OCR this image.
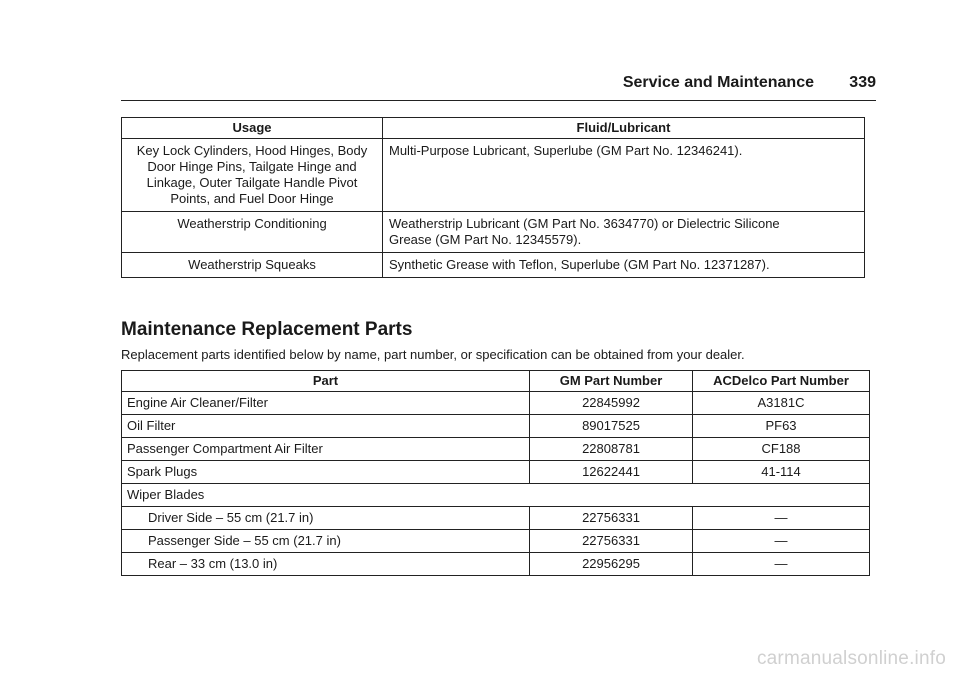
Service and Maintenance 339
Usage	Fluid/Lubricant
Key Lock Cylinders, Hood Hinges, Body Door Hinge Pins, Tailgate Hinge and Linkage, Outer Tailgate Handle Pivot Points, and Fuel Door Hinge	Multi-Purpose Lubricant, Superlube (GM Part No. 12346241).
Weatherstrip Conditioning	Weatherstrip Lubricant (GM Part No. 3634770) or Dielectric Silicone Grease (GM Part No. 12345579).
Weatherstrip Squeaks	Synthetic Grease with Teflon, Superlube (GM Part No. 12371287).
Maintenance Replacement Parts
Replacement parts identified below by name, part number, or specification can be obtained from your dealer.
Part	GM Part Number	ACDelco Part Number
Engine Air Cleaner/Filter	22845992	A3181C
Oil Filter	89017525	PF63
Passenger Compartment Air Filter	22808781	CF188
Spark Plugs	12622441	41-114
Wiper Blades		
Driver Side – 55 cm (21.7 in)	22756331	—
Passenger Side – 55 cm (21.7 in)	22756331	—
Rear – 33 cm (13.0 in)	22956295	—
carmanualsonline.info
